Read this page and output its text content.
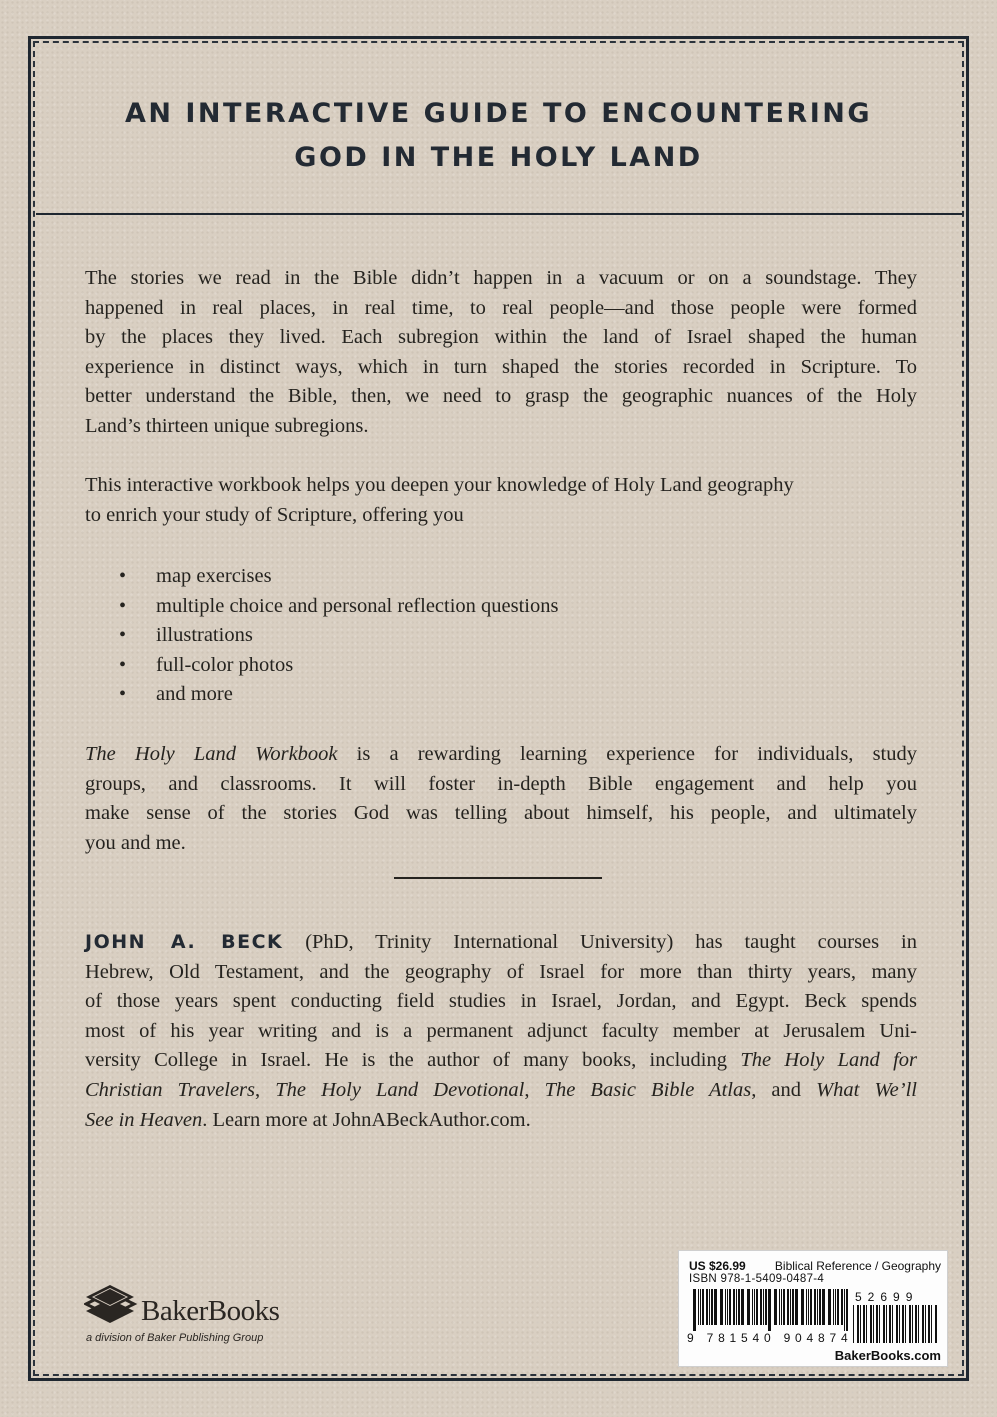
AN INTERACTIVE GUIDE TO ENCOUNTERING
GOD IN THE HOLY LAND
The stories we read in the Bible didn’t happen in a vacuum or on a soundstage. They
happened in real places, in real time, to real people—and those people were formed
by the places they lived. Each subregion within the land of Israel shaped the human
experience in distinct ways, which in turn shaped the stories recorded in Scripture. To
better understand the Bible, then, we need to grasp the geographic nuances of the Holy
Land’s thirteen unique subregions.
This interactive workbook helps you deepen your knowledge of Holy Land geography
to enrich your study of Scripture, offering you
• map exercises
• multiple choice and personal reflection questions
• illustrations
• full-color photos
• and more
The Holy Land Workbook is a rewarding learning experience for individuals, study
groups, and classrooms. It will foster in-depth Bible engagement and help you
make sense of the stories God was telling about himself, his people, and ultimately
you and me.
JOHN A. BECK (PhD, Trinity International University) has taught courses in
Hebrew, Old Testament, and the geography of Israel for more than thirty years, many
of those years spent conducting field studies in Israel, Jordan, and Egypt. Beck spends
most of his year writing and is a permanent adjunct faculty member at Jerusalem Uni-
versity College in Israel. He is the author of many books, including The Holy Land for
Christian Travelers, The Holy Land Devotional, The Basic Bible Atlas, and What We’ll
See in Heaven. Learn more at JohnABeckAuthor.com.
BakerBooks
a division of Baker Publishing Group
US $26.99 Biblical Reference / Geography
ISBN 978-1-5409-0487-4
9 781540 904874
52699
BakerBooks.com
